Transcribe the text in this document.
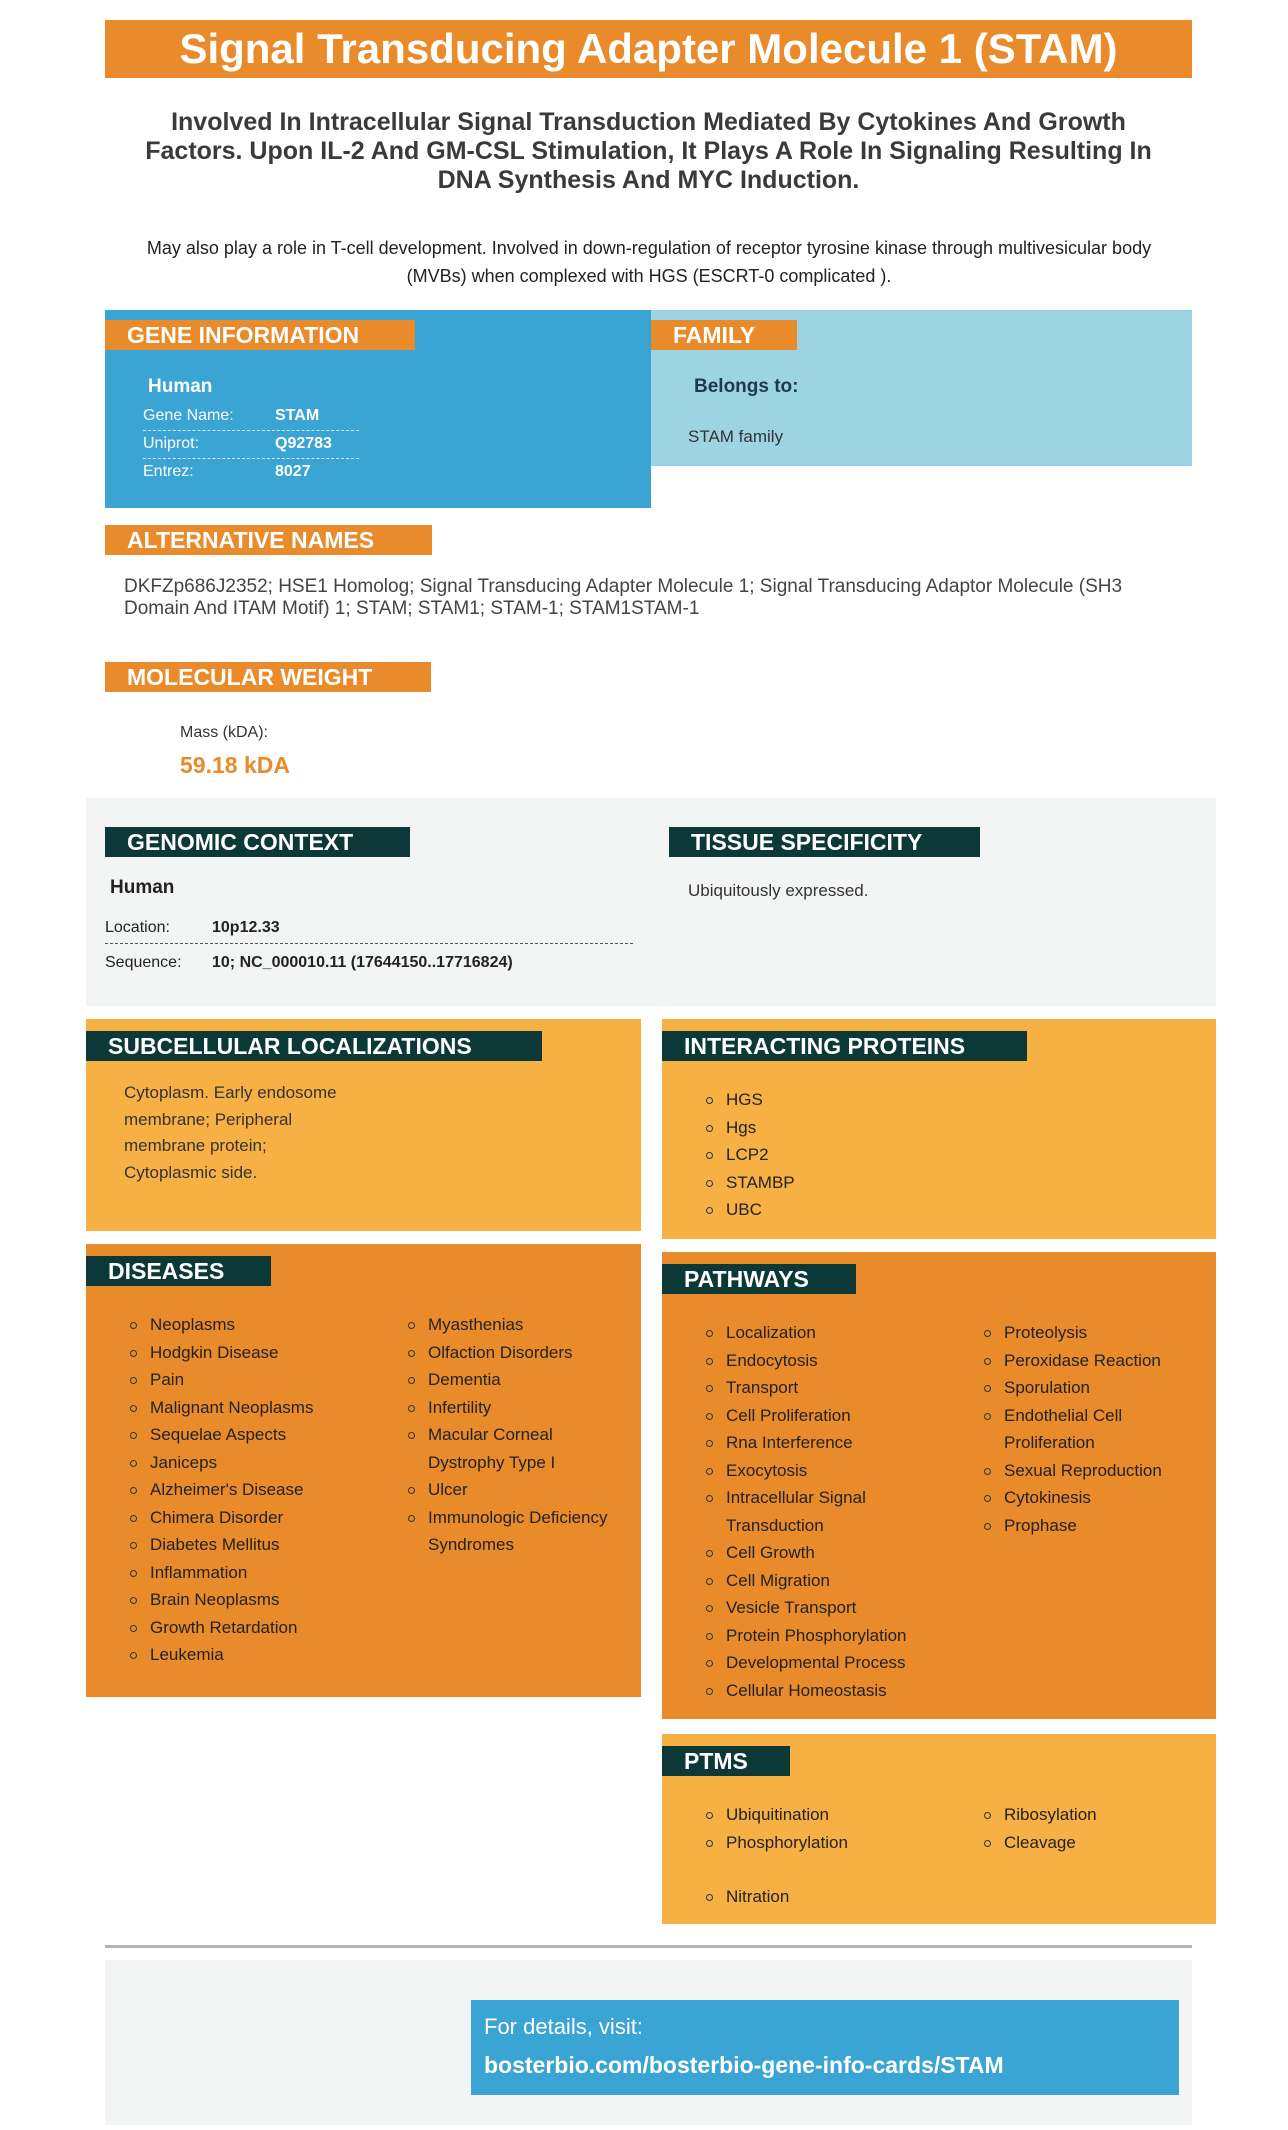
Signal Transducing Adapter Molecule 1 (STAM)
Involved In Intracellular Signal Transduction Mediated By Cytokines And Growth Factors. Upon IL-2 And GM-CSL Stimulation, It Plays A Role In Signaling Resulting In DNA Synthesis And MYC Induction.
May also play a role in T-cell development. Involved in down-regulation of receptor tyrosine kinase through multivesicular body (MVBs) when complexed with HGS (ESCRT-0 complicated ).
GENE INFORMATION	FAMILY
Human
Gene Name:	STAM
Uniprot:	Q92783
Entrez:	8027
Belongs to:
STAM family
ALTERNATIVE NAMES
DKFZp686J2352; HSE1 Homolog; Signal Transducing Adapter Molecule 1; Signal Transducing Adaptor Molecule (SH3 Domain And ITAM Motif) 1; STAM; STAM1; STAM-1; STAM1STAM-1
MOLECULAR WEIGHT
Mass (kDA):
59.18 kDA
GENOMIC CONTEXT	TISSUE SPECIFICITY
Human
Location:	10p12.33
Sequence: 10; NC_000010.11 (17644150..17716824)
Ubiquitously expressed.
SUBCELLULAR LOCALIZATIONS
Cytoplasm. Early endosome membrane; Peripheral membrane protein; Cytoplasmic side.
INTERACTING PROTEINS
HGS
Hgs
LCP2
STAMBP
UBC
DISEASES
Neoplasms
Hodgkin Disease
Pain
Malignant Neoplasms
Sequelae Aspects
Janiceps
Alzheimer's Disease
Chimera Disorder
Diabetes Mellitus
Inflammation
Brain Neoplasms
Growth Retardation
Leukemia
Myasthenias
Olfaction Disorders
Dementia
Infertility
Macular Corneal Dystrophy Type I
Ulcer
Immunologic Deficiency Syndromes
PATHWAYS
Localization
Endocytosis
Transport
Cell Proliferation
Rna Interference
Exocytosis
Intracellular Signal Transduction
Cell Growth
Cell Migration
Vesicle Transport
Protein Phosphorylation
Developmental Process
Cellular Homeostasis
Proteolysis
Peroxidase Reaction
Sporulation
Endothelial Cell Proliferation
Sexual Reproduction
Cytokinesis
Prophase
PTMS
Ubiquitination
Phosphorylation
Nitration
Ribosylation
Cleavage
For details, visit:
bosterbio.com/bosterbio-gene-info-cards/STAM
